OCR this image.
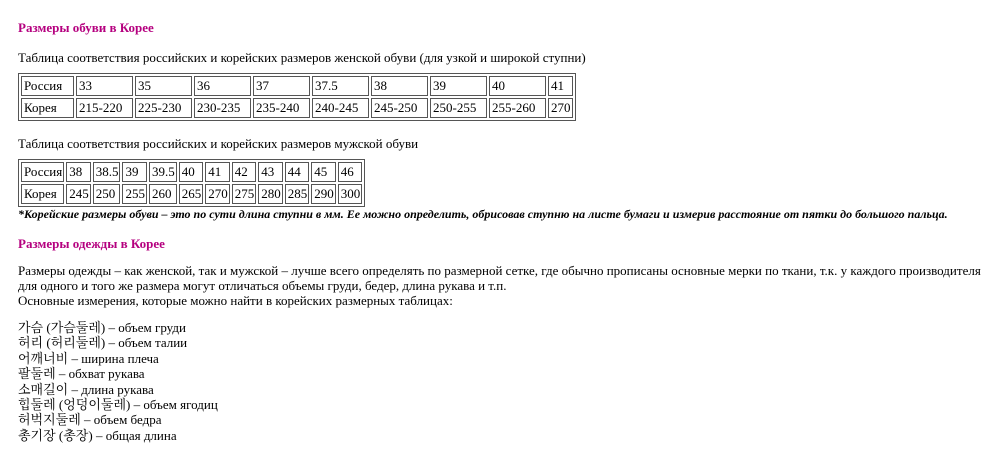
Размеры обуви в Корее
Таблица соответствия российских и корейских размеров женской обуви (для узкой и широкой ступни)
Россия	33	35	36	37	37.5	38	39	40	41
Корея	215-220	225-230	230-235	235-240	240-245	245-250	250-255	255-260	270
Таблица соответствия российских и корейских размеров мужской обуви
Россия	38	38.5	39	39.5	40	41	42	43	44	45	46
Корея	245	250	255	260	265	270	275	280	285	290	300
*Корейские размеры обуви – это по сути длина ступни в мм. Ее можно определить, обрисовав ступню на листе бумаги и измерив расстояние от пятки до большого пальца.
Размеры одежды в Корее
Размеры одежды – как женской, так и мужской – лучше всего определять по размерной сетке, где обычно прописаны основные мерки по ткани, т.к. у каждого производителя для одного и того же размера могут отличаться объемы груди, бедер, длина рукава и т.п.
Основные измерения, которые можно найти в корейских размерных таблицах:
가슴 (가슴둘레) – объем груди
허리 (허리둘레) – объем талии
어깨너비 – ширина плеча
팔둘레 – обхват рукава
소매길이 – длина рукава
힙둘레 (엉덩이둘레) – объем ягодиц
허벅지둘레 – объем бедра
총기장 (총장) – общая длина
